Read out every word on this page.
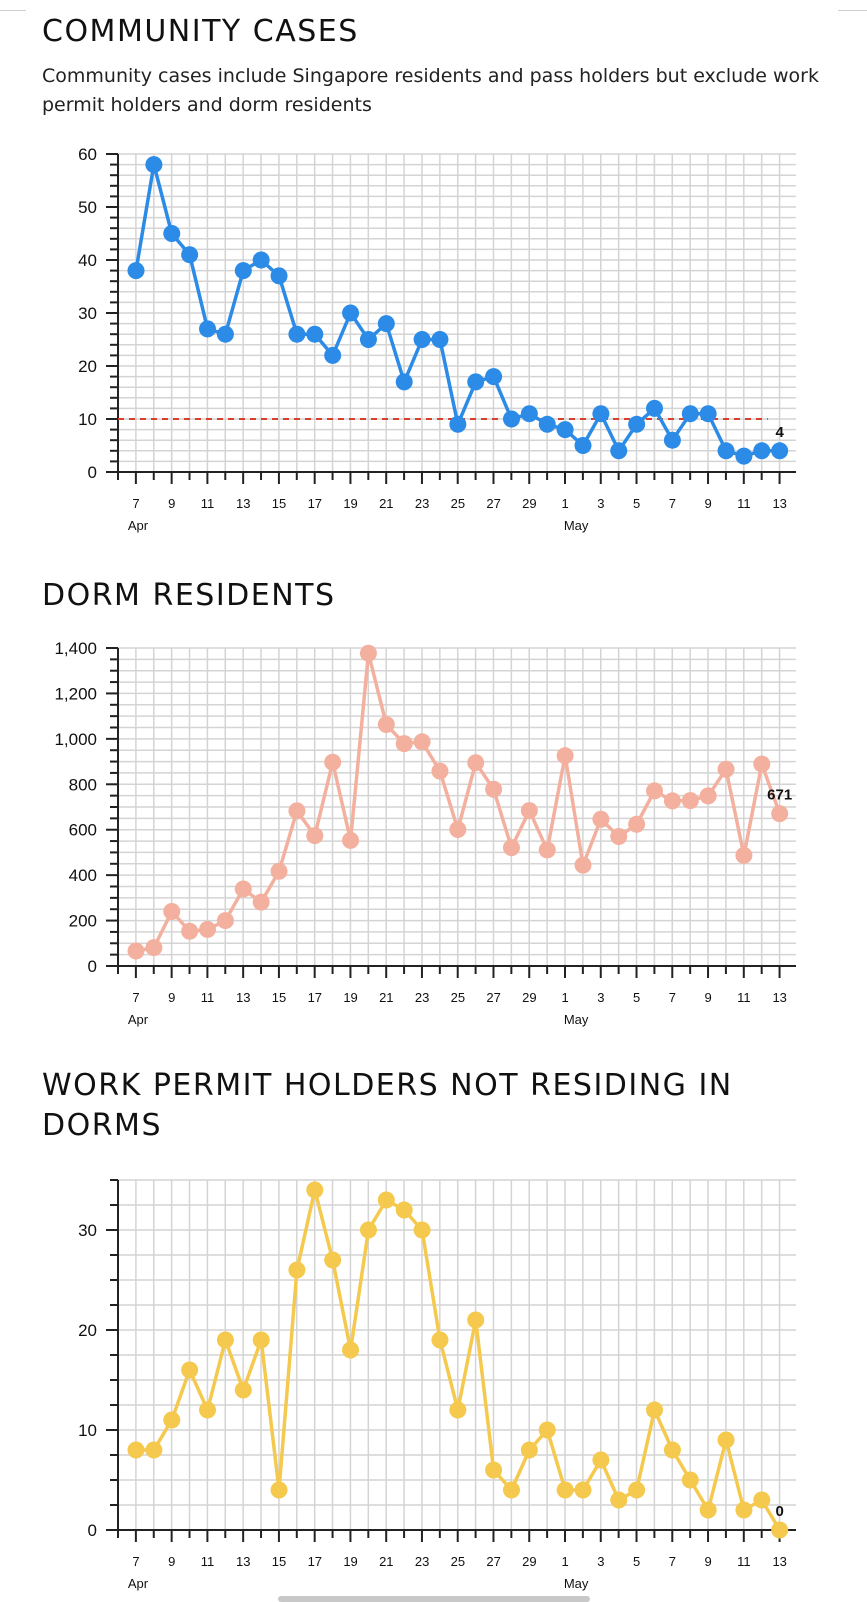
COMMUNITY CASES

Community cases include Singapore residents and pass holders but exclude work permit holders and dorm residents

0
10
20
30
40
50
60
7 9 11 13 15 17 19 21 23 25 27 29 1 3 5 7 9 11 13
Apr	May
4
DORM RESIDENTS
0
200
400
600
800
1,000
1,200
1,400
7 9 11 13 15 17 19 21 23 25 27 29 1 3 5 7 9 11 13
Apr	May
671
WORK PERMIT HOLDERS NOT RESIDING IN DORMS
0
10
20
30
7 9 11 13 15 17 19 21 23 25 27 29 1 3 5 7 9 11 13
Apr	May
0
